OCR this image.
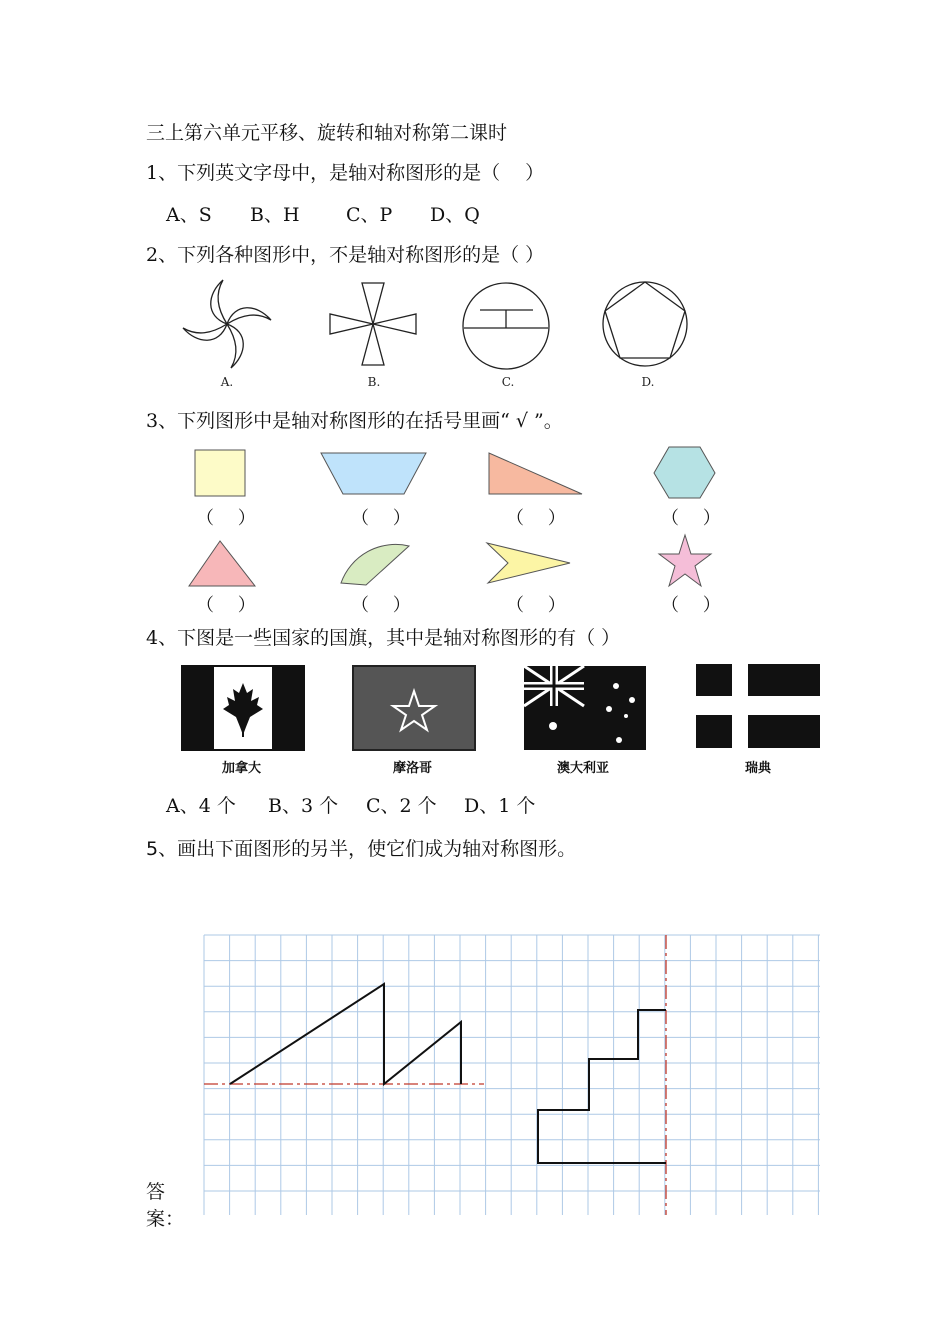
三上第六单元平移、旋转和轴对称第二课时
1、下列英文字母中，是轴对称图形的是（　 ）
A、S B、H C、P D、Q
2、下列各种图形中，不是轴对称图形的是（ ）
A.	B.	C.	D.
3、下列图形中是轴对称图形的在括号里画“ √ ”。
（　 ）	（　 ）	（　 ）	（　 ）
（　 ）	（　 ）	（　 ）	（　 ）
4、下图是一些国家的国旗，其中是轴对称图形的有（ ）
加拿大	摩洛哥	澳大利亚	瑞典
A、4 个 B、3 个 C、2 个 D、1 个
5、画出下面图形的另半，使它们成为轴对称图形。
答
案：
